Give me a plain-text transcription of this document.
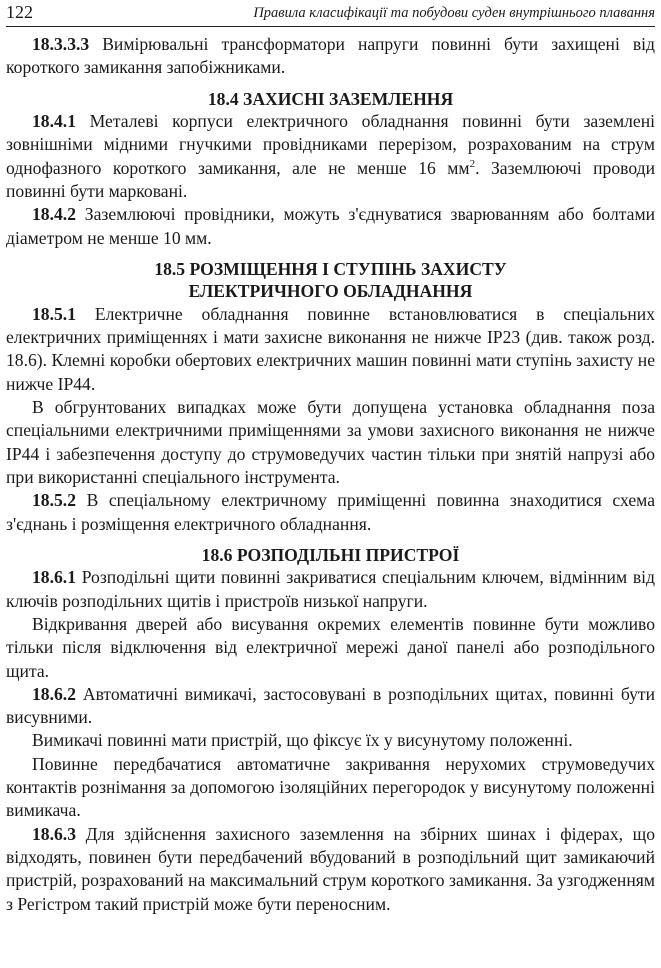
122	Правила класифікації та побудови суден внутрішнього плавання

18.3.3.3 Вимірювальні трансформатори напруги повинні бути захищені від короткого замикання запобіжниками.

18.4 ЗАХИСНІ ЗАЗЕМЛЕННЯ

18.4.1 Металеві корпуси електричного обладнання повинні бути заземлені зовнішніми мідними гнучкими провідниками перерізом, розрахованим на струм однофазного короткого замикання, але не менше 16 $мм^2$. Заземлюючі проводи повинні бути марковані.

18.4.2 Заземлюючі провідники, можуть з'єднуватися зварюванням або болтами діаметром не менше 10 мм.

18.5 РОЗМІЩЕННЯ І СТУПІНЬ ЗАХИСТУ
ЕЛЕКТРИЧНОГО ОБЛАДНАННЯ

18.5.1 Електричне обладнання повинне встановлюватися в спеціальних електричних приміщеннях і мати захисне виконання не нижче IP23 (див. також розд. 18.6). Клемні коробки обертових електричних машин повинні мати ступінь захисту не нижче IP44.

В обгрунтованих випадках може бути допущена установка обладнання поза спеціальними електричними приміщеннями за умови захисного виконання не нижче IP44 і забезпечення доступу до струмоведучих частин тільки при знятій напрузі або при використанні спеціального інструмента.

18.5.2 В спеціальному електричному приміщенні повинна знаходитися схема з'єднань і розміщення електричного обладнання.

18.6 РОЗПОДІЛЬНІ ПРИСТРОЇ

18.6.1 Розподільні щити повинні закриватися спеціальним ключем, відмінним від ключів розподільних щитів і пристроїв низької напруги.

Відкривання дверей або висування окремих елементів повинне бути можливо тільки після відключення від електричної мережі даної панелі або розподільного щита.

18.6.2 Автоматичні вимикачі, застосовувані в розподільних щитах, повинні бути висувними.

Вимикачі повинні мати пристрій, що фіксує їх у висунутому положенні.

Повинне передбачатися автоматичне закривання нерухомих струмоведучих контактів рознімання за допомогою ізоляційних перегородок у висунутому положенні вимикача.

18.6.3 Для здійснення захисного заземлення на збірних шинах і фідерах, що відходять, повинен бути передбачений вбудований в розподільний щит замикаючий пристрій, розрахований на максимальний струм короткого замикання. За узгодженням з Регістром такий пристрій може бути переносним.
